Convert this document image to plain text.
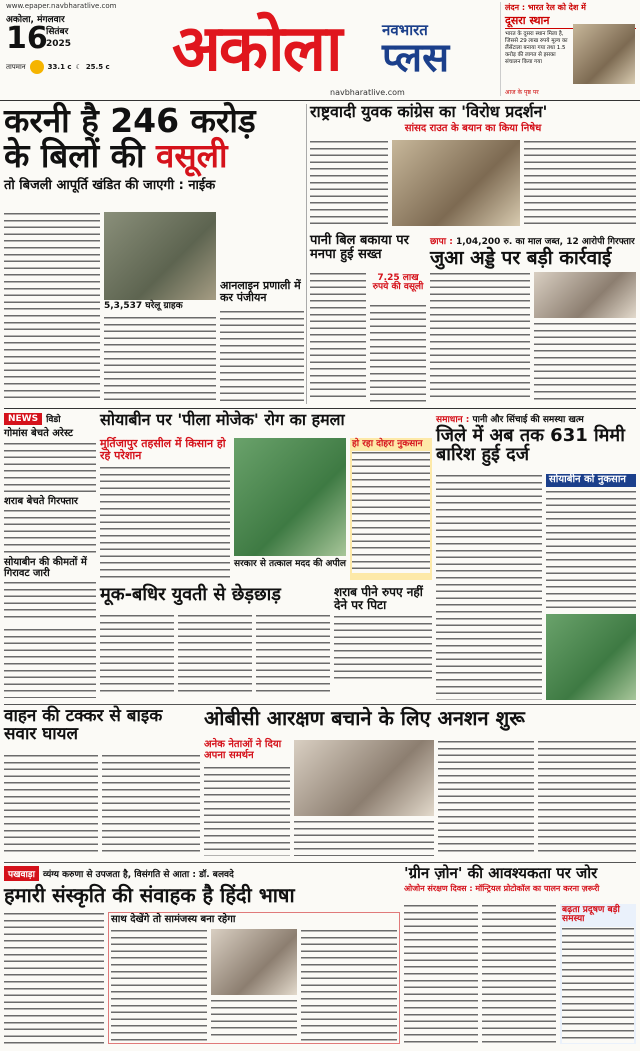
www.epaper.navbharatlive.com
अकोला, मंगलवार
16
सितंबर
2025
तापमान	33.1 c ☾ 25.5 c अकोला	नवभारत
प्लस
navbharatlive.com
लंदन : भारत रेल को देश में
दूसरा स्थान
भारत के दूसरा स्थान मिला है, जिससे 29 लाख रुपये मूल्य का लैंसेंटाला बनाया गया तथा 1.5 करोड़ की लागत से इसका संचालन किया गया
आज के पृष्ठ पर
करनी है 246 करोड़
के बिलों की वसूली
तो बिजली आपूर्ति खंडित की जाएगी : नाईक
5,3,537 घरेलू ग्राहक
आनलाइन प्रणाली में कर पंजीयन
राष्ट्रवादी युवक कांग्रेस का 'विरोध प्रदर्शन'
सांसद राउत के बयान का किया निषेध
पानी बिल बकाया पर मनपा हुई सख्त
7.25 लाख रुपये की वसूली
छापा : 1,04,200 रु. का माल जब्त, 12 आरोपी गिरफ्तार
जुआ अड्डे पर बड़ी कार्रवाई
NEWS विडो
गोमांस बेचते अरेस्ट
शराब बेचते गिरफ्तार
सोयाबीन की कीमतों में गिरावट जारी
सोयाबीन पर 'पीला मोजेक' रोग का हमला
मुर्तिजापुर तहसील में किसान हो रहे परेशान
सरकार से तत्काल मदद की अपील
हो रहा दोहरा नुकसान
समाधान : पानी और सिंचाई की समस्या खत्म
जिले में अब तक 631 मिमी बारिश हुई दर्ज
सोयाबीन को नुकसान
मूक-बधिर युवती से छेड़छाड़	शराब पीने रुपए नहीं देने पर पिटा
वाहन की टक्कर से बाइक सवार घायल
ओबीसी आरक्षण बचाने के लिए अनशन शुरू
अनेक नेताओं ने दिया अपना समर्थन
पखवाड़ा व्यंग्य करुणा से उपजता है, विसंगति से आता : डॉ. बलवदे
हमारी संस्कृति की संवाहक है हिंदी भाषा
साथ देखेंगे तो सामंजस्य बना रहेगा
'ग्रीन ज़ोन' की आवश्यकता पर जोर
ओजोन संरक्षण दिवस : मॉन्ट्रियल प्रोटोकॉल का पालन करना ज़रूरी
बढ़ता प्रदूषण बड़ी समस्या
